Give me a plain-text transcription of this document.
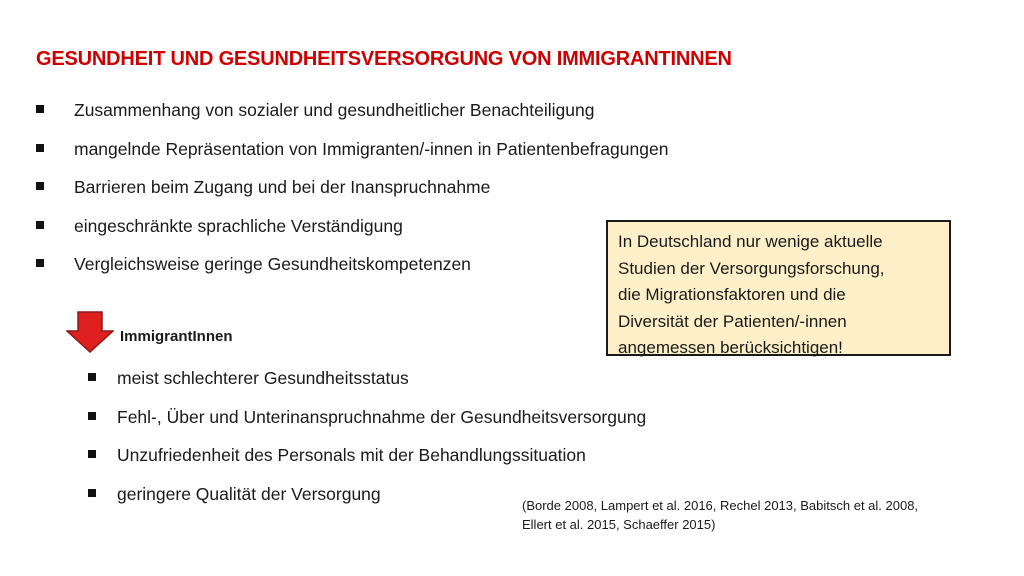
GESUNDHEIT UND GESUNDHEITSVERSORGUNG VON IMMIGRANTINNEN
Zusammenhang von sozialer und gesundheitlicher Benachteiligung
mangelnde Repräsentation von Immigranten/-innen in Patientenbefragungen
Barrieren beim Zugang und bei der Inanspruchnahme
eingeschränkte sprachliche Verständigung
Vergleichsweise geringe Gesundheitskompetenzen
ImmigrantInnen
meist schlechterer Gesundheitsstatus
Fehl-, Über und Unterinanspruchnahme der Gesundheitsversorgung
Unzufriedenheit des Personals mit der Behandlungssituation
geringere Qualität der Versorgung
In Deutschland nur wenige aktuelle
Studien der Versorgungsforschung,
die Migrationsfaktoren und die
Diversität der Patienten/-innen
angemessen berücksichtigen!
(Borde 2008, Lampert et al. 2016, Rechel 2013, Babitsch et al. 2008,
Ellert et al. 2015, Schaeffer 2015)
